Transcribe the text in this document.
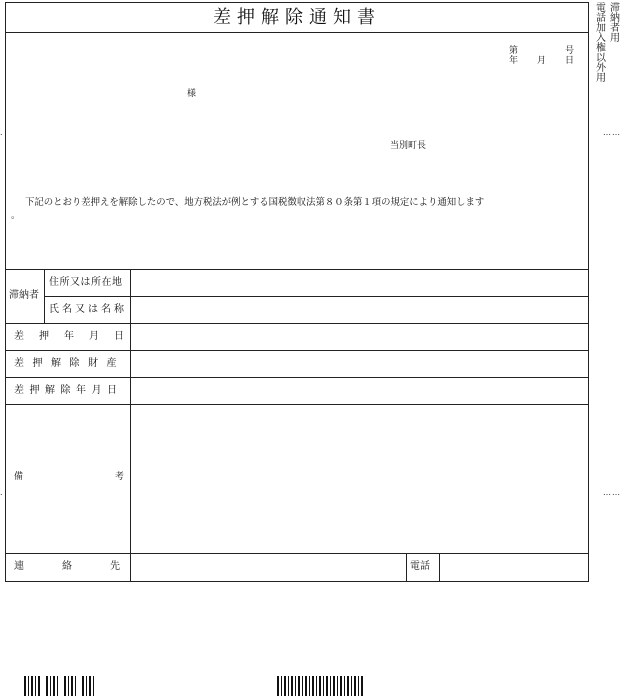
.
.
……
……
滞納者用
電話加入権以外用
差押解除通知書
第	号
年 月 日
様
当別町長
下記のとおり差押えを解除したので、地方税法が例とする国税徴収法第８０条第１項の規定により通知します
。
滞納者
住所又は所在地
氏名又は名称
差押年月日
差押解除財産
差押解除年月日
備考
連絡先	電話
